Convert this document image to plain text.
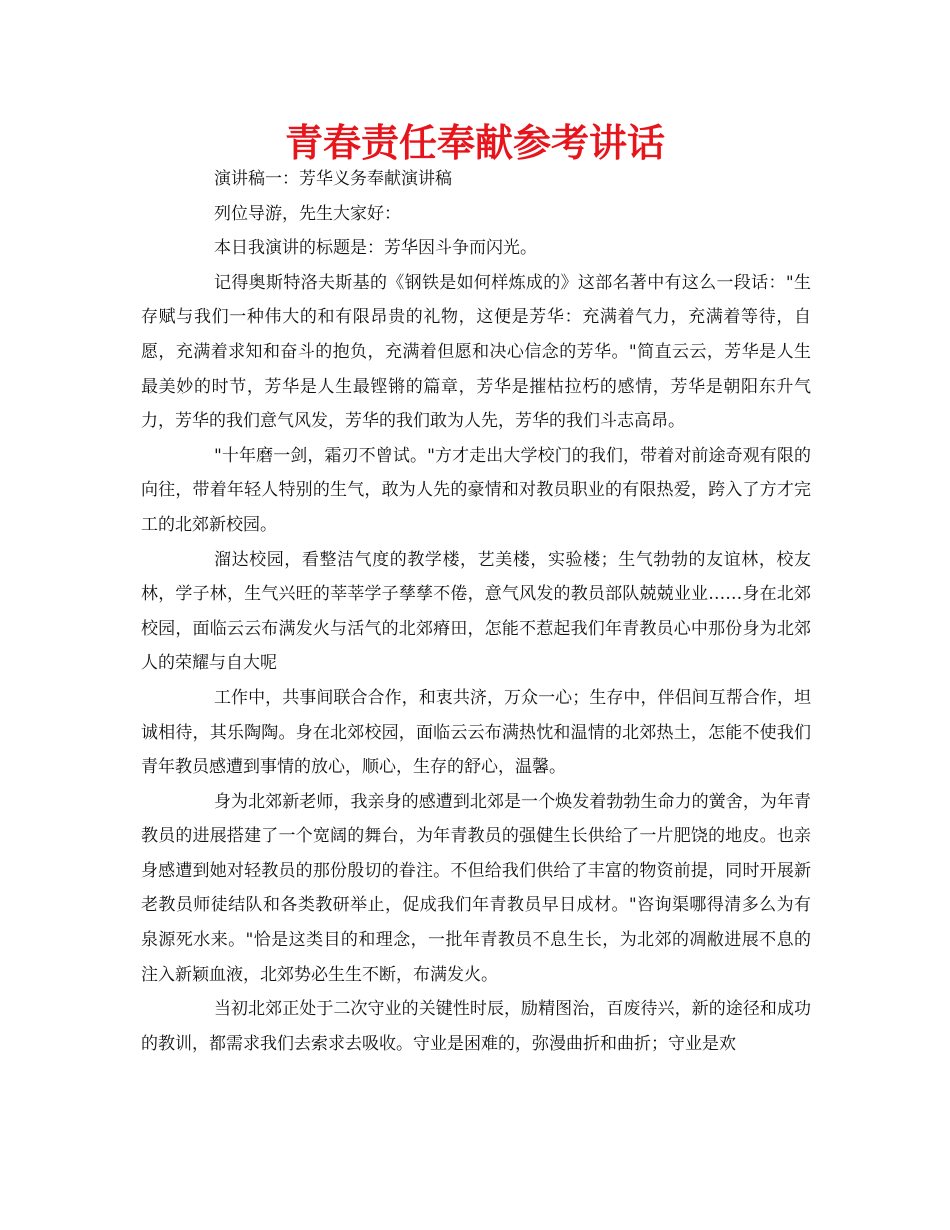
青春责任奉献参考讲话

演讲稿一：芳华义务奉献演讲稿

列位导游，先生大家好：

本日我演讲的标题是：芳华因斗争而闪光。

记得奥斯特洛夫斯基的《钢铁是如何样炼成的》这部名著中有这么一段话："生存赋与我们一种伟大的和有限昂贵的礼物，这便是芳华：充满着气力，充满着等待，自愿，充满着求知和奋斗的抱负，充满着但愿和决心信念的芳华。"简直云云，芳华是人生最美妙的时节，芳华是人生最铿锵的篇章，芳华是摧枯拉朽的感情，芳华是朝阳东升气力，芳华的我们意气风发，芳华的我们敢为人先，芳华的我们斗志高昂。

"十年磨一剑，霜刃不曾试。"方才走出大学校门的我们，带着对前途奇观有限的向往，带着年轻人特别的生气，敢为人先的豪情和对教员职业的有限热爱，跨入了方才完工的北郊新校园。

溜达校园，看整洁气度的教学楼，艺美楼，实验楼；生气勃勃的友谊林，校友林，学子林，生气兴旺的莘莘学子孳孳不倦，意气风发的教员部队兢兢业业……身在北郊校园，面临云云布满发火与活气的北郊瘠田，怎能不惹起我们年青教员心中那份身为北郊人的荣耀与自大呢

工作中，共事间联合合作，和衷共济，万众一心；生存中，伴侣间互帮合作，坦诚相待，其乐陶陶。身在北郊校园，面临云云布满热忱和温情的北郊热土，怎能不使我们青年教员感遭到事情的放心，顺心，生存的舒心，温馨。

身为北郊新老师，我亲身的感遭到北郊是一个焕发着勃勃生命力的黉舍，为年青教员的进展搭建了一个宽阔的舞台，为年青教员的强健生长供给了一片肥饶的地皮。也亲身感遭到她对轻教员的那份殷切的眷注。不但给我们供给了丰富的物资前提，同时开展新老教员师徒结队和各类教研举止，促成我们年青教员早日成材。"咨询渠哪得清多么为有泉源死水来。"恰是这类目的和理念，一批年青教员不息生长，为北郊的凋敝进展不息的注入新颖血液，北郊势必生生不断，布满发火。

当初北郊正处于二次守业的关键性时辰，励精图治，百废待兴，新的途径和成功的教训，都需求我们去索求去吸收。守业是困难的，弥漫曲折和曲折；守业是欢
